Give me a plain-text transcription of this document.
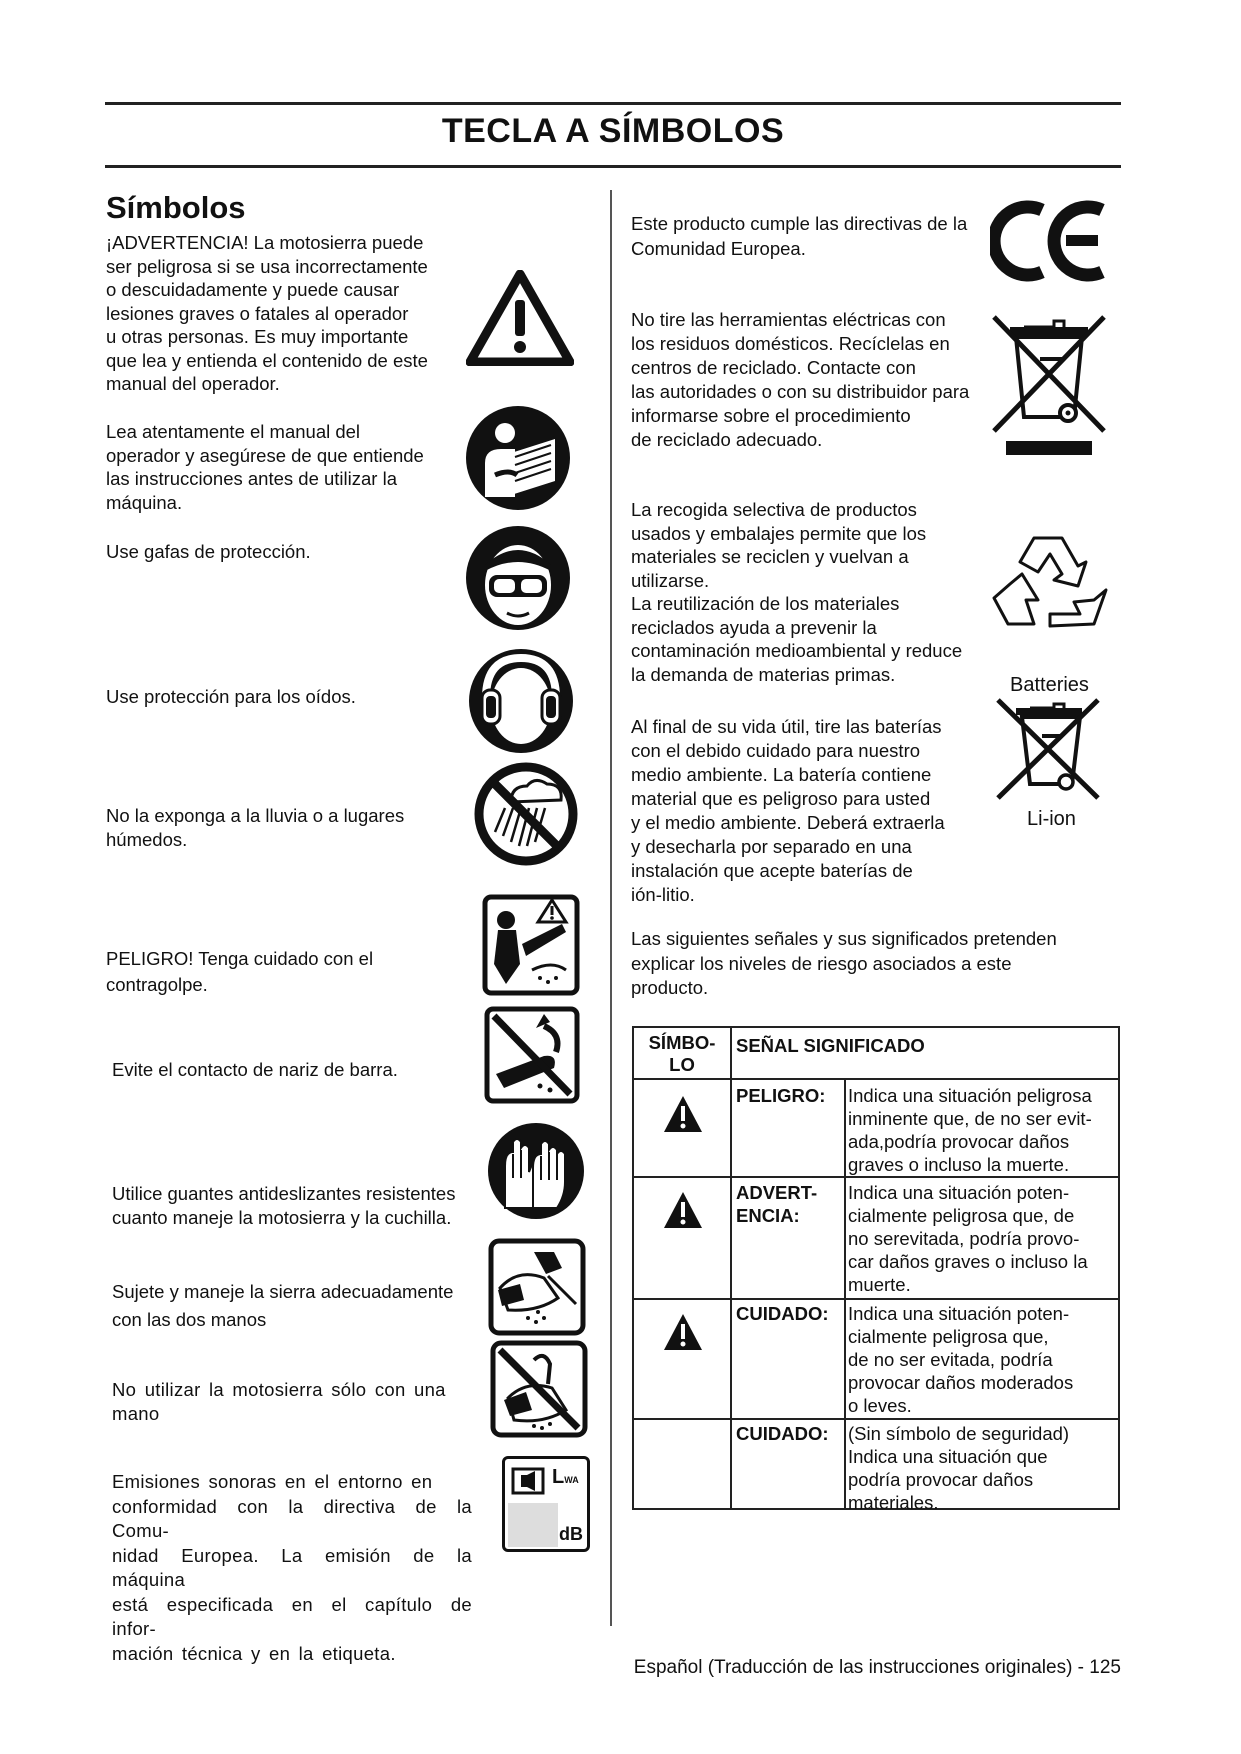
TECLA A SÍMBOLOS
Símbolos
¡ADVERTENCIA! La motosierra puede
ser peligrosa si se usa incorrectamente
o descuidadamente y puede causar
lesiones graves o fatales al operador
u otras personas. Es muy importante
que lea y entienda el contenido de este
manual del operador.
Lea atentamente el manual del
operador y asegúrese de que entiende
las instrucciones antes de utilizar la
máquina.
Use gafas de protección.
Use protección para los oídos.
No la exponga a la lluvia o a lugares
húmedos.
PELIGRO! Tenga cuidado con el
contragolpe.
Evite el contacto de nariz de barra.
Utilice guantes antideslizantes resistentes
cuanto maneje la motosierra y la cuchilla.
Sujete y maneje la sierra adecuadamente
con las dos manos
No utilizar la motosierra sólo con una
mano
Emisiones sonoras en el entorno en
conformidad con la directiva de la Comu-
nidad Europea. La emisión de la máquina
está especificada en el capítulo de infor-
mación técnica y en la etiqueta.
LWA
dB
Este producto cumple las directivas de la
Comunidad Europea.
No tire las herramientas eléctricas con
los residuos domésticos. Recíclelas en
centros de reciclado. Contacte con
las autoridades o con su distribuidor para
informarse sobre el procedimiento
de reciclado adecuado.
La recogida selectiva de productos
usados y embalajes permite que los
materiales se reciclen y vuelvan a
utilizarse.
La reutilización de los materiales
reciclados ayuda a prevenir la
contaminación medioambiental y reduce
la demanda de materias primas.
Al final de su vida útil, tire las baterías
con el debido cuidado para nuestro
medio ambiente. La batería contiene
material que es peligroso para usted
y el medio ambiente. Deberá extraerla
y desecharla por separado en una
instalación que acepte baterías de
ión-litio.
Las siguientes señales y sus significados pretenden
explicar los niveles de riesgo asociados a este
producto.
Batteries
Li-ion
SÍMBO-
LO
SEÑAL SIGNIFICADO
PELIGRO: Indica una situación peligrosa
inminente que, de no ser evit-
ada,podría provocar daños
graves o incluso la muerte.
ADVERT-
ENCIA:
Indica una situación poten-
cialmente peligrosa que, de
no serevitada, podría provo-
car daños graves o incluso la
muerte.
CUIDADO: Indica una situación poten-
cialmente peligrosa que,
de no ser evitada, podría
provocar daños moderados
o leves.
CUIDADO: (Sin símbolo de seguridad)
Indica una situación que
podría provocar daños
materiales.
Español (Traducción de las instrucciones originales) - 125
